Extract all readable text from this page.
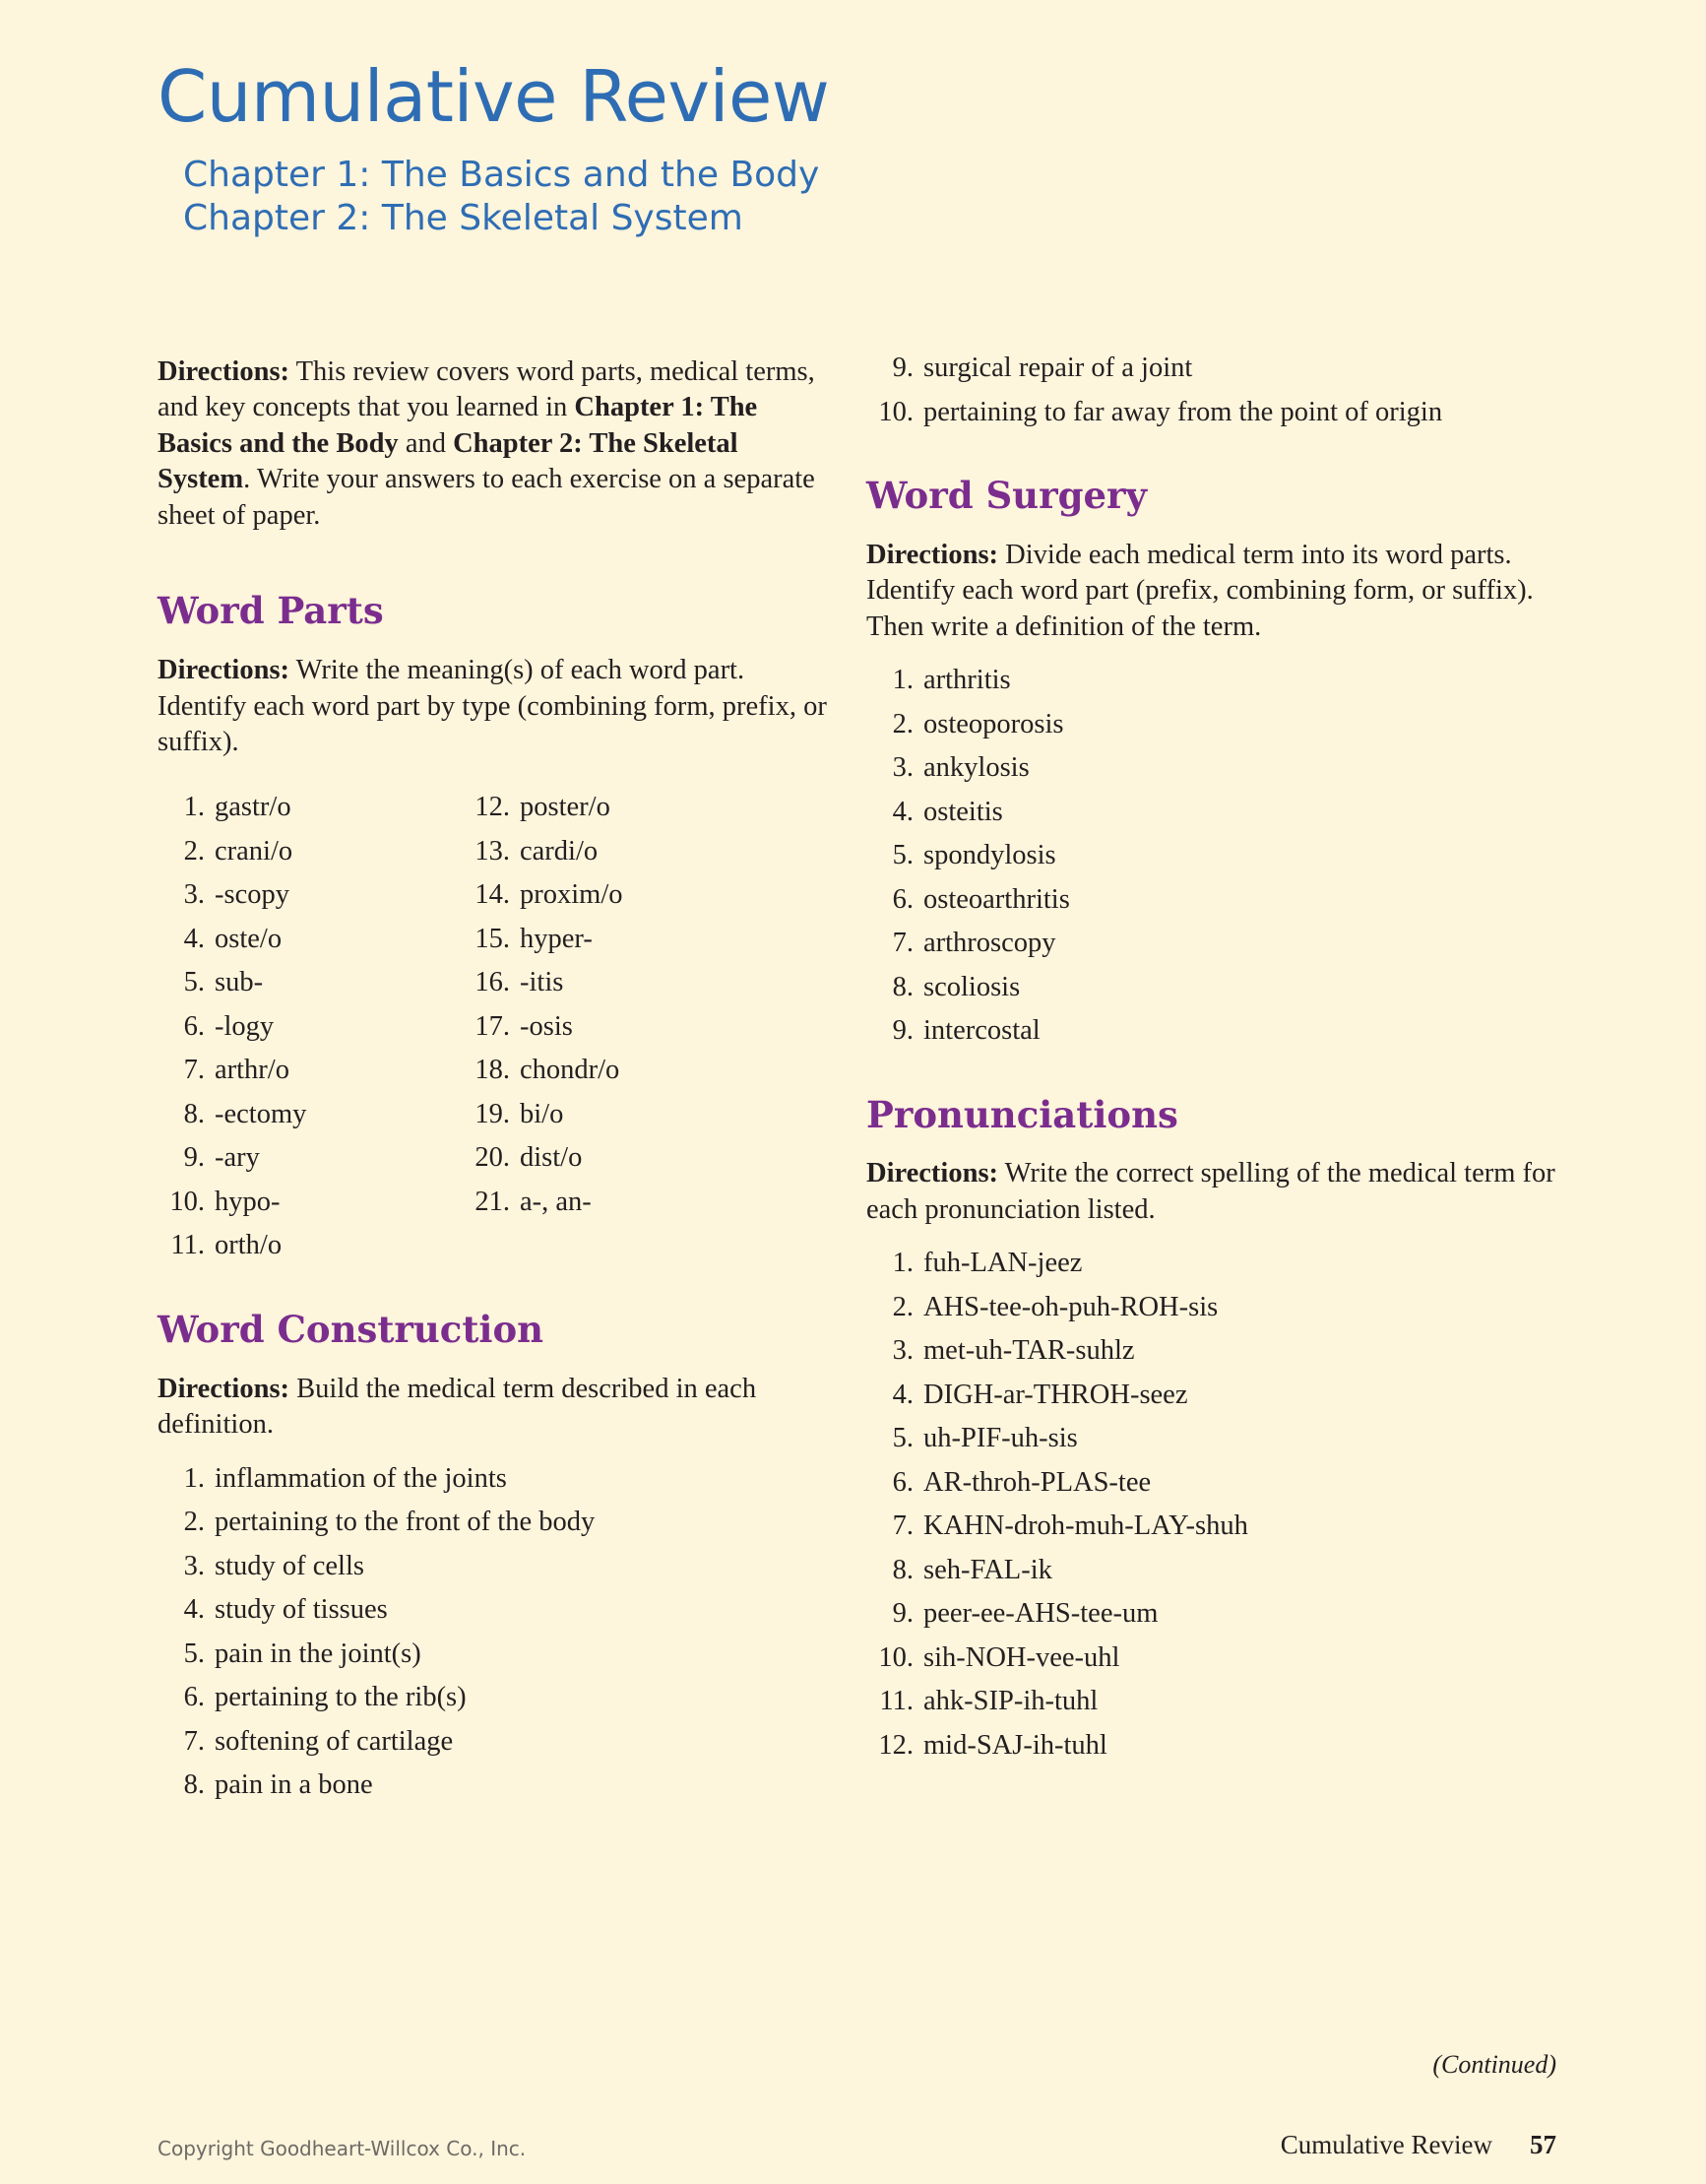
Cumulative Review
Chapter 1: The Basics and the Body
Chapter 2: The Skeletal System
Directions: This review covers word parts, medical terms, and key concepts that you learned in Chapter 1: The Basics and the Body and Chapter 2: The Skeletal System. Write your answers to each exercise on a separate sheet of paper.
Word Parts
Directions: Write the meaning(s) of each word part. Identify each word part by type (combining form, prefix, or suffix).
1. gastr/o
2. crani/o
3. -scopy
4. oste/o
5. sub-
6. -logy
7. arthr/o
8. -ectomy
9. -ary
10. hypo-
11. orth/o
12. poster/o
13. cardi/o
14. proxim/o
15. hyper-
16. -itis
17. -osis
18. chondr/o
19. bi/o
20. dist/o
21. a-, an-
Word Construction
Directions: Build the medical term described in each definition.
1. inflammation of the joints
2. pertaining to the front of the body
3. study of cells
4. study of tissues
5. pain in the joint(s)
6. pertaining to the rib(s)
7. softening of cartilage
8. pain in a bone
9. surgical repair of a joint
10. pertaining to far away from the point of origin
Word Surgery
Directions: Divide each medical term into its word parts. Identify each word part (prefix, combining form, or suffix). Then write a definition of the term.
1. arthritis
2. osteoporosis
3. ankylosis
4. osteitis
5. spondylosis
6. osteoarthritis
7. arthroscopy
8. scoliosis
9. intercostal
Pronunciations
Directions: Write the correct spelling of the medical term for each pronunciation listed.
1. fuh-LAN-jeez
2. AHS-tee-oh-puh-ROH-sis
3. met-uh-TAR-suhlz
4. DIGH-ar-THROH-seez
5. uh-PIF-uh-sis
6. AR-throh-PLAS-tee
7. KAHN-droh-muh-LAY-shuh
8. seh-FAL-ik
9. peer-ee-AHS-tee-um
10. sih-NOH-vee-uhl
11. ahk-SIP-ih-tuhl
12. mid-SAJ-ih-tuhl
(Continued)
Copyright Goodheart-Willcox Co., Inc.	Cumulative Review 57
